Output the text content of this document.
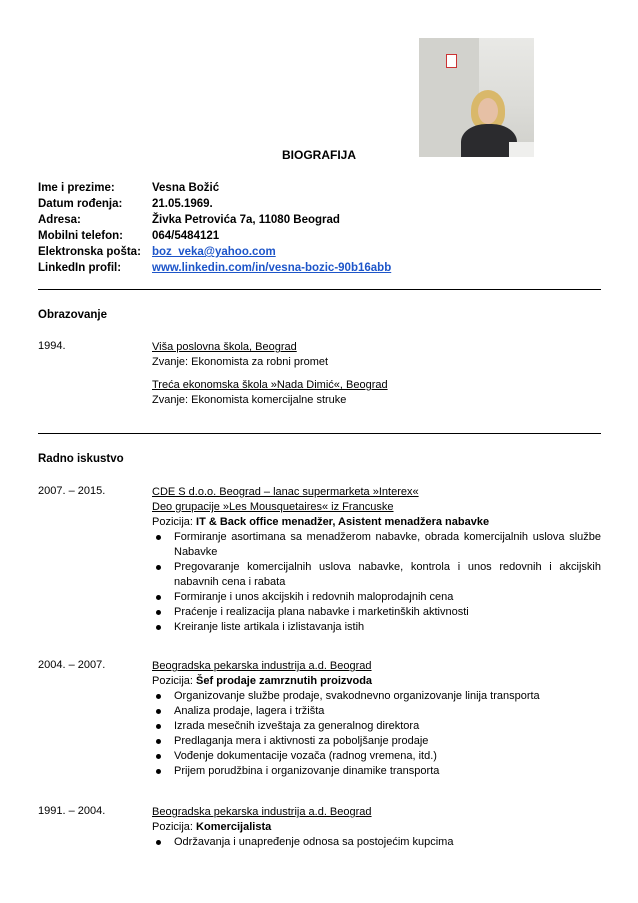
BIOGRAFIJA
Ime i prezime:	Vesna Božić
Datum rođenja:	21.05.1969.
Adresa:	Živka Petrovića 7a, 11080 Beograd
Mobilni telefon:	064/5484121
Elektronska pošta: boz_veka@yahoo.com
LinkedIn profil:	www.linkedin.com/in/vesna-bozic-90b16abb
Obrazovanje
1994.	Viša poslovna škola, Beograd
Zvanje: Ekonomista za robni promet
Treća ekonomska škola »Nada Dimić«, Beograd
Zvanje: Ekonomista komercijalne struke
Radno iskustvo
2007. – 2015.	CDE S d.o.o. Beograd – lanac supermarketa »Interex«
Deo grupacije »Les Mousquetaires« iz Francuske
Pozicija: IT & Back office menadžer, Asistent menadžera nabavke
Formiranje asortimana sa menadžerom nabavke, obrada komercijalnih uslova službe Nabavke
Pregovaranje komercijalnih uslova nabavke, kontrola i unos redovnih i akcijskih nabavnih cena i rabata
Formiranje i unos akcijskih i redovnih maloprodajnih cena
Praćenje i realizacija plana nabavke i marketinških aktivnosti
Kreiranje liste artikala i izlistavanja istih
2004. – 2007.	Beogradska pekarska industrija a.d. Beograd
Pozicija: Šef prodaje zamrznutih proizvoda
Organizovanje službe prodaje, svakodnevno organizovanje linija transporta
Analiza prodaje, lagera i tržišta
Izrada mesečnih izveštaja za generalnog direktora
Predlaganja mera i aktivnosti za poboljšanje prodaje
Vođenje dokumentacije vozača (radnog vremena, itd.)
Prijem porudžbina i organizovanje dinamike transporta
1991. – 2004.	Beogradska pekarska industrija a.d. Beograd
Pozicija: Komercijalista
Održavanja i unapređenje odnosa sa postojećim kupcima
